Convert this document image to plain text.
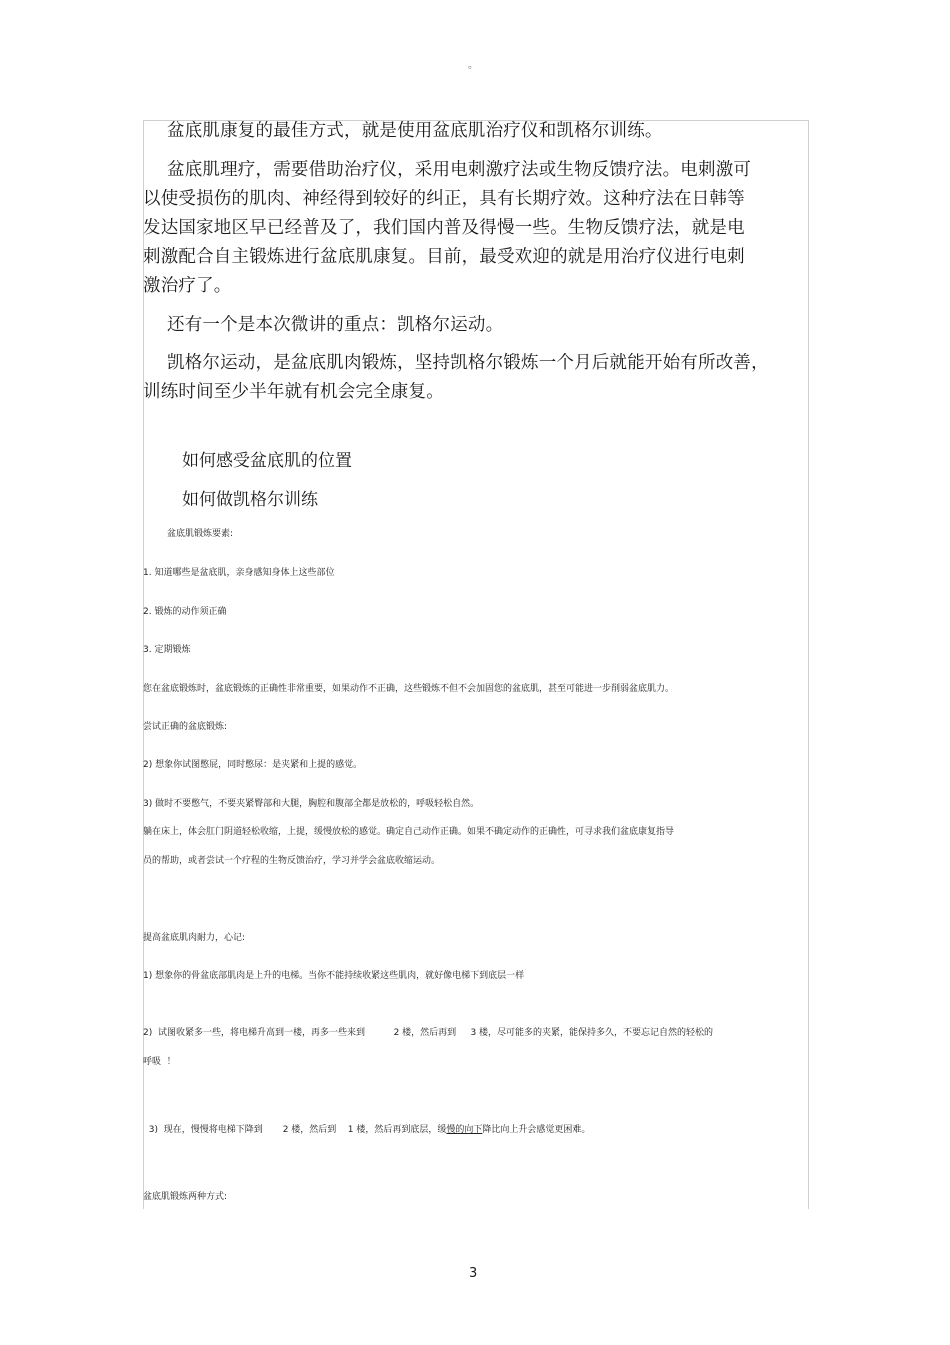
。
盆底肌康复的最佳方式，就是使用盆底肌治疗仪和凯格尔训练。
盆底肌理疗，需要借助治疗仪，采用电刺激疗法或生物反馈疗法。电刺激可
以使受损伤的肌肉、神经得到较好的纠正，具有长期疗效。这种疗法在日韩等
发达国家地区早已经普及了，我们国内普及得慢一些。生物反馈疗法，就是电
刺激配合自主锻炼进行盆底肌康复。目前，最受欢迎的就是用治疗仪进行电刺
激治疗了。
还有一个是本次微讲的重点：凯格尔运动。
凯格尔运动，是盆底肌肉锻炼，坚持凯格尔锻炼一个月后就能开始有所改善，
训练时间至少半年就有机会完全康复。
如何感受盆底肌的位置
如何做凯格尔训练
盆底肌锻炼要素:
1. 知道哪些是盆底肌，亲身感知身体上这些部位
2. 锻炼的动作须正确
3. 定期锻炼
您在盆底锻炼时，盆底锻炼的正确性非常重要，如果动作不正确，这些锻炼不但不会加固您的盆底肌，甚至可能进一步削弱盆底肌力。
尝试正确的盆底锻炼:
2) 想象你试图憋屁，同时憋尿：是夹紧和上提的感觉。
3) 做时不要憋气，不要夹紧臀部和大腿，胸腔和腹部全都是放松的，呼吸轻松自然。
躺在床上，体会肛门阴道轻松收缩，上提，缓慢放松的感觉。确定自己动作正确。如果不确定动作的正确性，可寻求我们盆底康复指导
员的帮助，或者尝试一个疗程的生物反馈治疗，学习并学会盆底收缩运动。
提高盆底肌肉耐力，心记:
1) 想象你的骨盆底部肌肉是上升的电梯。当你不能持续收紧这些肌肉，就好像电梯下到底层一样
2)  试图收紧多一些，将电梯升高到一楼，再多一些来到          2 楼，然后再到     3 楼，尽可能多的夹紧，能保持多久，不要忘记自然的轻松的
呼吸  ！

3)  现在，慢慢将电梯下降到       2 楼，然后到    1 楼，然后再到底层，缓慢的向下降比向上升会感觉更困难。

盆底肌锻炼两种方式:
3
